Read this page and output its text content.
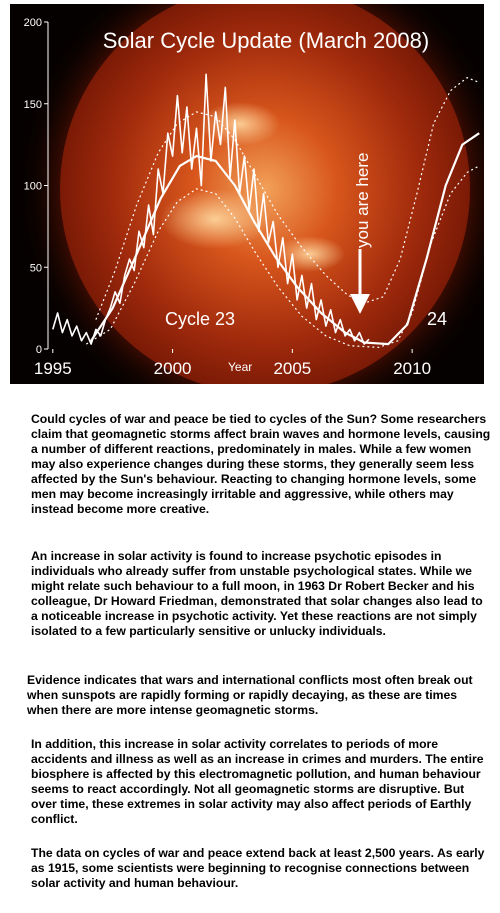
0
50
100
150
200
Solar Cycle Update (March 2008)
you are here
Cycle 23	24
Year
1995	2000	2005	2010

Could cycles of war and peace be tied to cycles of the Sun? Some researchers claim that geomagnetic storms affect brain waves and hormone levels, causing a number of different reactions, predominately in males. While a few women may also experience changes during these storms, they generally seem less affected by the Sun's behaviour. Reacting to changing hormone levels, some men may become increasingly irritable and aggressive, while others may instead become more creative.

An increase in solar activity is found to increase psychotic episodes in individuals who already suffer from unstable psychological states. While we might relate such behaviour to a full moon, in 1963 Dr Robert Becker and his colleague, Dr Howard Friedman, demonstrated that solar changes also lead to a noticeable increase in psychotic activity. Yet these reactions are not simply isolated to a few particularly sensitive or unlucky individuals.

Evidence indicates that wars and international conflicts most often break out when sunspots are rapidly forming or rapidly decaying, as these are times when there are more intense geomagnetic storms.

In addition, this increase in solar activity correlates to periods of more accidents and illness as well as an increase in crimes and murders. The entire biosphere is affected by this electromagnetic pollution, and human behaviour seems to react accordingly. Not all geomagnetic storms are disruptive. But over time, these extremes in solar activity may also affect periods of Earthly conflict.

The data on cycles of war and peace extend back at least 2,500 years. As early as 1915, some scientists were beginning to recognise connections between solar activity and human behaviour.
